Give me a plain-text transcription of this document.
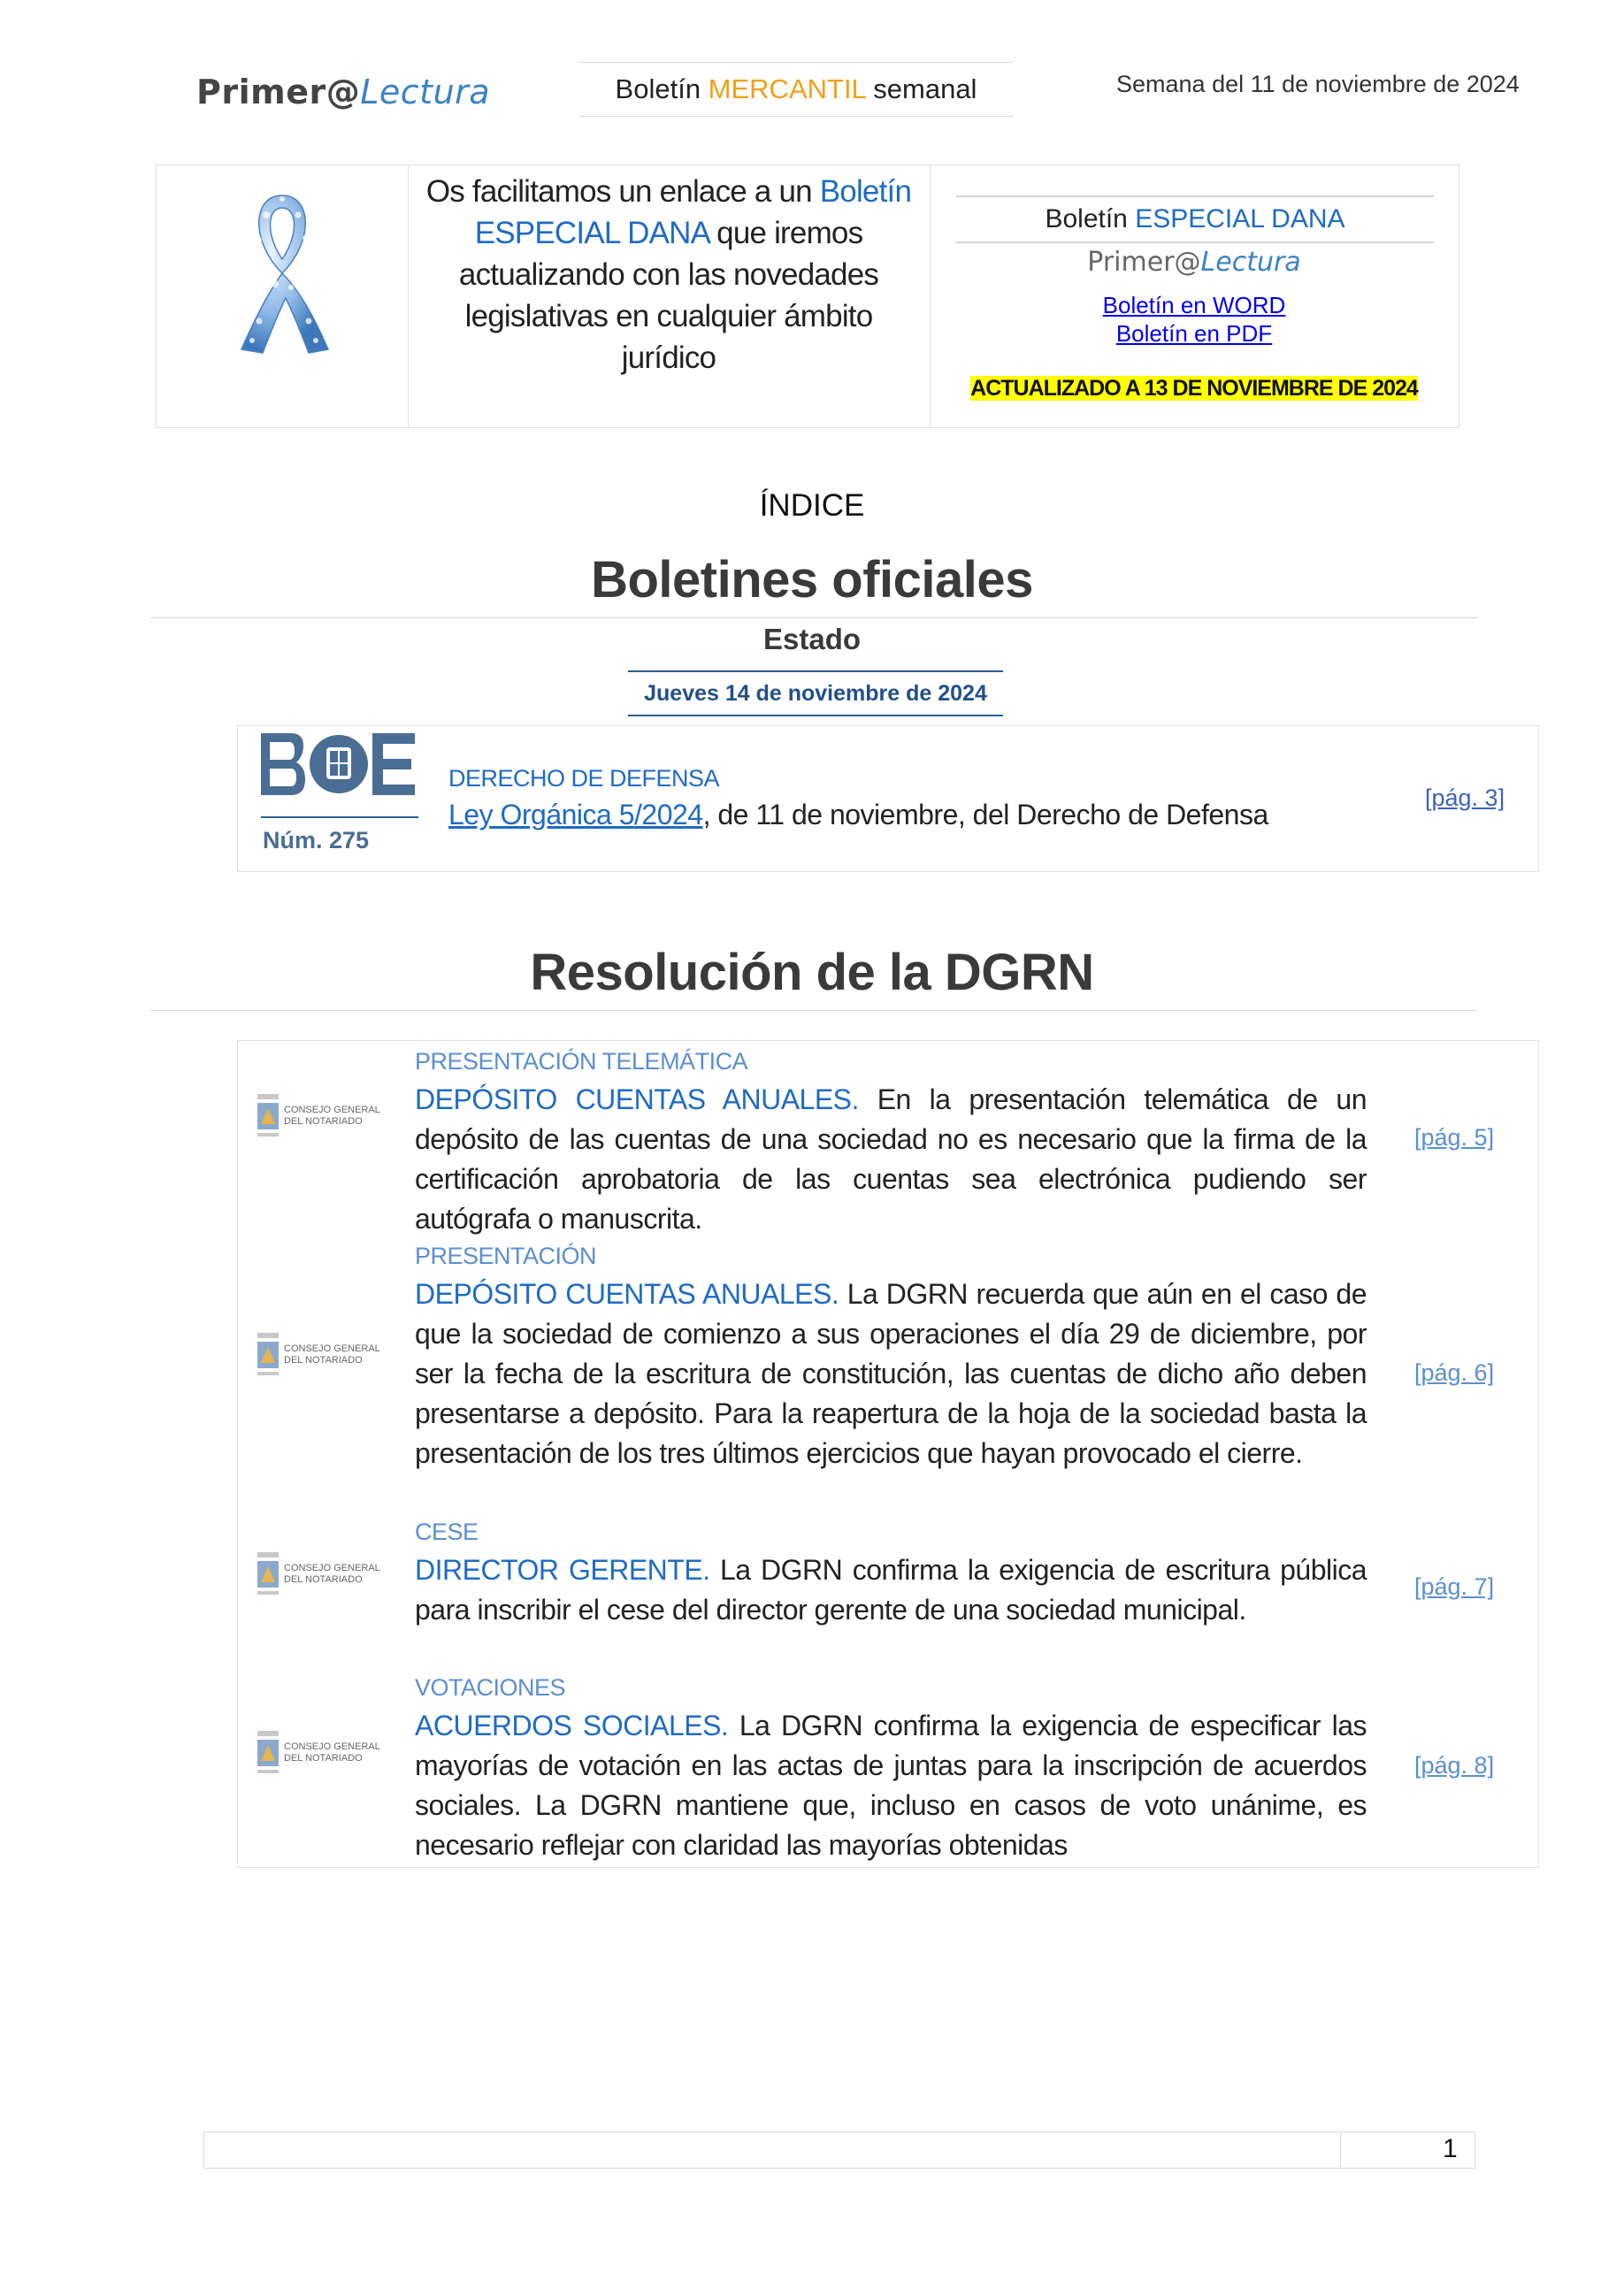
Primer@Lectura	Boletín MERCANTIL semanal	Semana del 11 de noviembre de 2024
Os facilitamos un enlace a un Boletín ESPECIAL DANA que iremos actualizando con las novedades legislativas en cualquier ámbito jurídico
Boletín ESPECIAL DANA
Primer@Lectura
Boletín en WORD
Boletín en PDF
ACTUALIZADO A 13 DE NOVIEMBRE DE 2024
ÍNDICE
Boletines oficiales
Estado
Jueves 14 de noviembre de 2024
Núm. 275
DERECHO DE DEFENSA
Ley Orgánica 5/2024, de 11 de noviembre, del Derecho de Defensa
[pág. 3]
Resolución de la DGRN
CONSEJO GENERAL
DEL NOTARIADO
PRESENTACIÓN TELEMÁTICA
DEPÓSITO CUENTAS ANUALES. En la presentación telemática de un depósito de las cuentas de una sociedad no es necesario que la firma de la certificación aprobatoria de las cuentas sea electrónica pudiendo ser autógrafa o manuscrita.
[pág. 5]
CONSEJO GENERAL
DEL NOTARIADO
PRESENTACIÓN
DEPÓSITO CUENTAS ANUALES. La DGRN recuerda que aún en el caso de que la sociedad de comienzo a sus operaciones el día 29 de diciembre, por ser la fecha de la escritura de constitución, las cuentas de dicho año deben presentarse a depósito. Para la reapertura de la hoja de la sociedad basta la presentación de los tres últimos ejercicios que hayan provocado el cierre.
[pág. 6]
CONSEJO GENERAL
DEL NOTARIADO
CESE
DIRECTOR GERENTE. La DGRN confirma la exigencia de escritura pública para inscribir el cese del director gerente de una sociedad municipal.
[pág. 7]
CONSEJO GENERAL
DEL NOTARIADO
VOTACIONES
ACUERDOS SOCIALES. La DGRN confirma la exigencia de especificar las mayorías de votación en las actas de juntas para la inscripción de acuerdos sociales. La DGRN mantiene que, incluso en casos de voto unánime, es necesario reflejar con claridad las mayorías obtenidas
[pág. 8]
1
